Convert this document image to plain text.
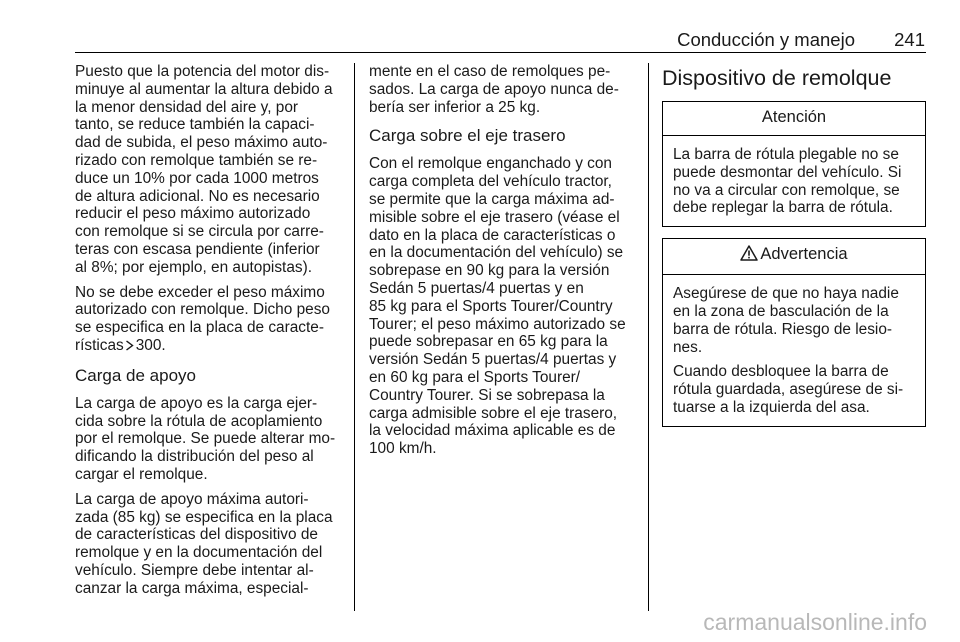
Conducción y manejo 241

Puesto que la potencia del motor dis-
minuye al aumentar la altura debido a
la menor densidad del aire y, por
tanto, se reduce también la capaci-
dad de subida, el peso máximo auto-
rizado con remolque también se re-
duce un 10% por cada 1000 metros
de altura adicional. No es necesario
reducir el peso máximo autorizado
con remolque si se circula por carre-
teras con escasa pendiente (inferior
al 8%; por ejemplo, en autopistas).

No se debe exceder el peso máximo
autorizado con remolque. Dicho peso
se especifica en la placa de caracte-
rísticas 300.

Carga de apoyo

La carga de apoyo es la carga ejer-
cida sobre la rótula de acoplamiento
por el remolque. Se puede alterar mo-
dificando la distribución del peso al
cargar el remolque.

La carga de apoyo máxima autori-
zada (85 kg) se especifica en la placa
de características del dispositivo de
remolque y en la documentación del
vehículo. Siempre debe intentar al-
canzar la carga máxima, especial-

mente en el caso de remolques pe-
sados. La carga de apoyo nunca de-
bería ser inferior a 25 kg.

Carga sobre el eje trasero

Con el remolque enganchado y con
carga completa del vehículo tractor,
se permite que la carga máxima ad-
misible sobre el eje trasero (véase el
dato en la placa de características o
en la documentación del vehículo) se
sobrepase en 90 kg para la versión
Sedán 5 puertas/4 puertas y en
85 kg para el Sports Tourer/Country
Tourer; el peso máximo autorizado se
puede sobrepasar en 65 kg para la
versión Sedán 5 puertas/4 puertas y
en 60 kg para el Sports Tourer/
Country Tourer. Si se sobrepasa la
carga admisible sobre el eje trasero,
la velocidad máxima aplicable es de
100 km/h.

Dispositivo de remolque
Atención

La barra de rótula plegable no se
puede desmontar del vehículo. Si
no va a circular con remolque, se
debe replegar la barra de rótula.

Advertencia

Asegúrese de que no haya nadie
en la zona de basculación de la
barra de rótula. Riesgo de lesio-
nes.

Cuando desbloquee la barra de
rótula guardada, asegúrese de si-
tuarse a la izquierda del asa.

carmanualsonline.info
